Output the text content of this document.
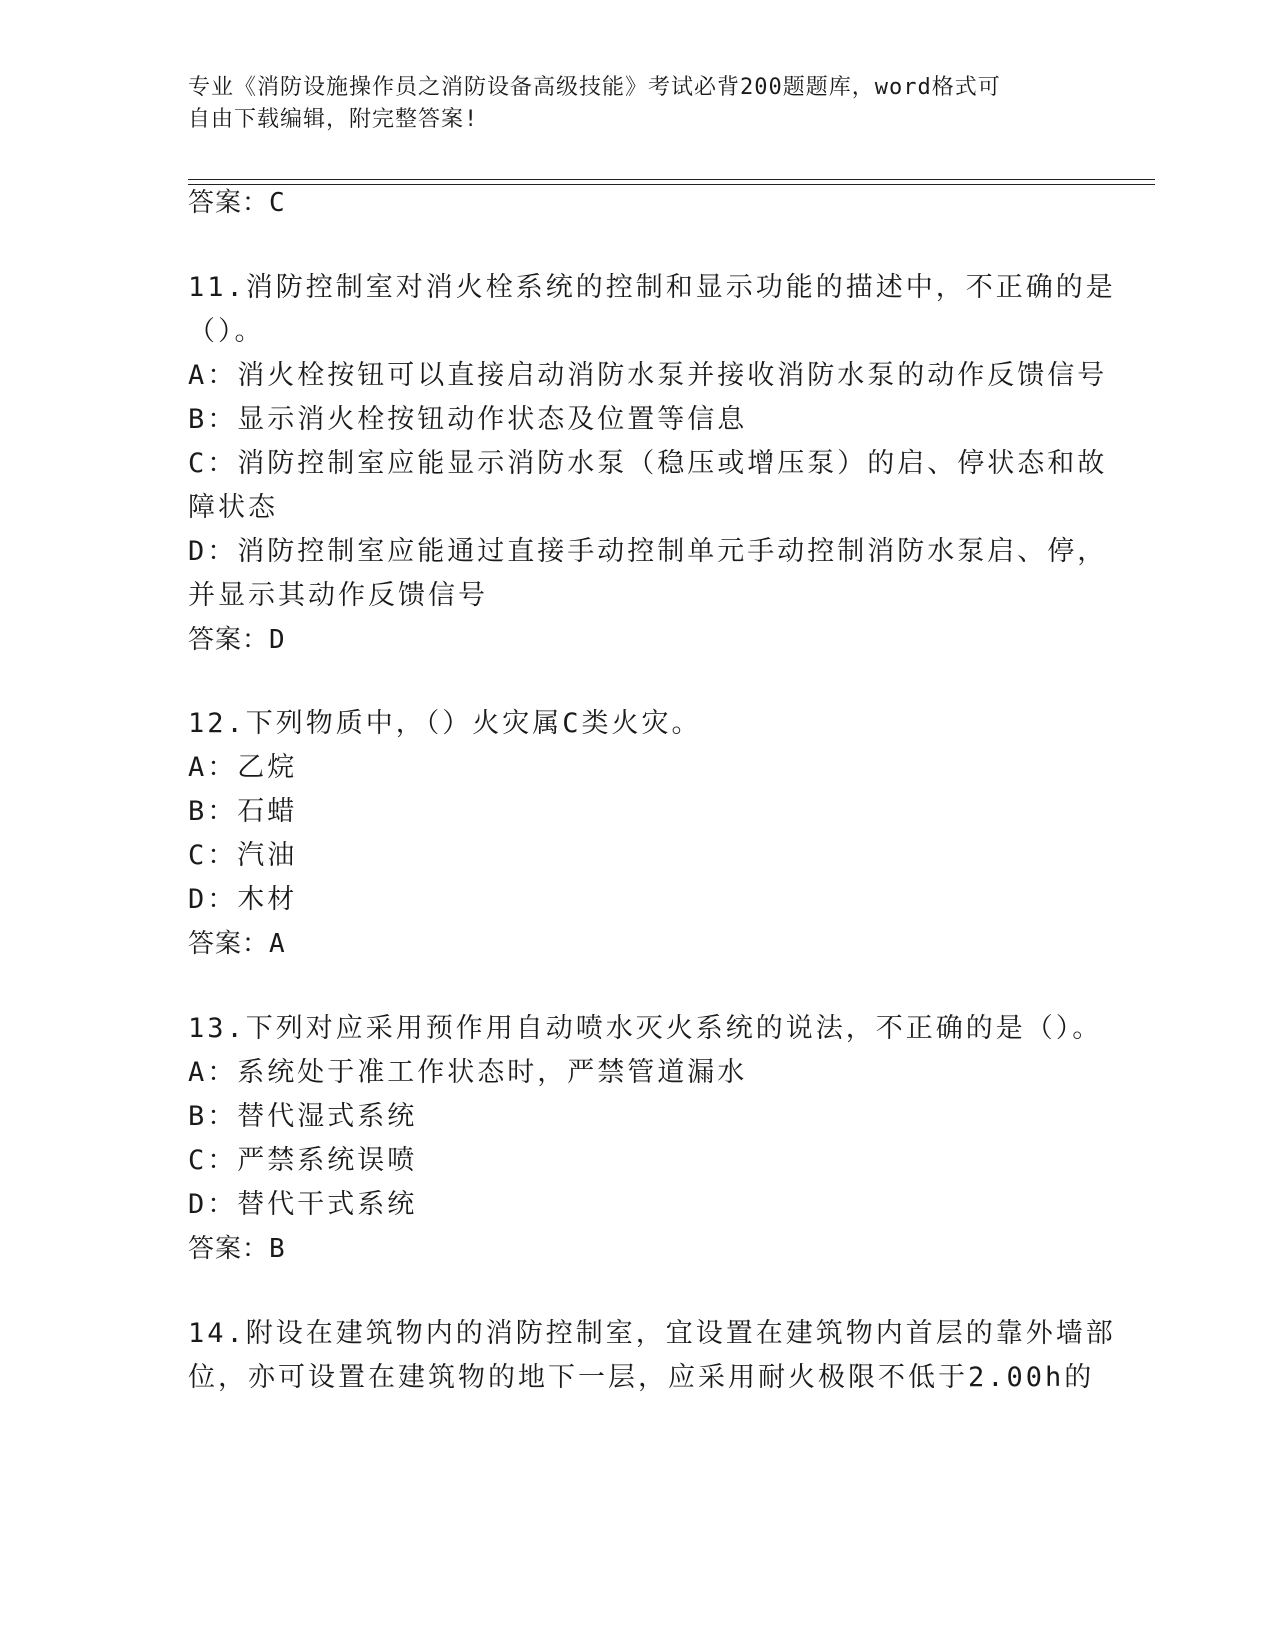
专业《消防设施操作员之消防设备高级技能》考试必背200题题库，word格式可
自由下载编辑，附完整答案!
答案：C
11.消防控制室对消火栓系统的控制和显示功能的描述中，不正确的是
（）。
A：消火栓按钮可以直接启动消防水泵并接收消防水泵的动作反馈信号
B：显示消火栓按钮动作状态及位置等信息
C：消防控制室应能显示消防水泵（稳压或增压泵）的启、停状态和故
障状态
D：消防控制室应能通过直接手动控制单元手动控制消防水泵启、停，
并显示其动作反馈信号
答案：D
12.下列物质中，（）火灾属C类火灾。
A：乙烷
B：石蜡
C：汽油
D：木材
答案：A
13.下列对应采用预作用自动喷水灭火系统的说法，不正确的是（）。
A：系统处于准工作状态时，严禁管道漏水
B：替代湿式系统
C：严禁系统误喷
D：替代干式系统
答案：B
14.附设在建筑物内的消防控制室，宜设置在建筑物内首层的靠外墙部
位，亦可设置在建筑物的地下一层，应采用耐火极限不低于2.00h的
